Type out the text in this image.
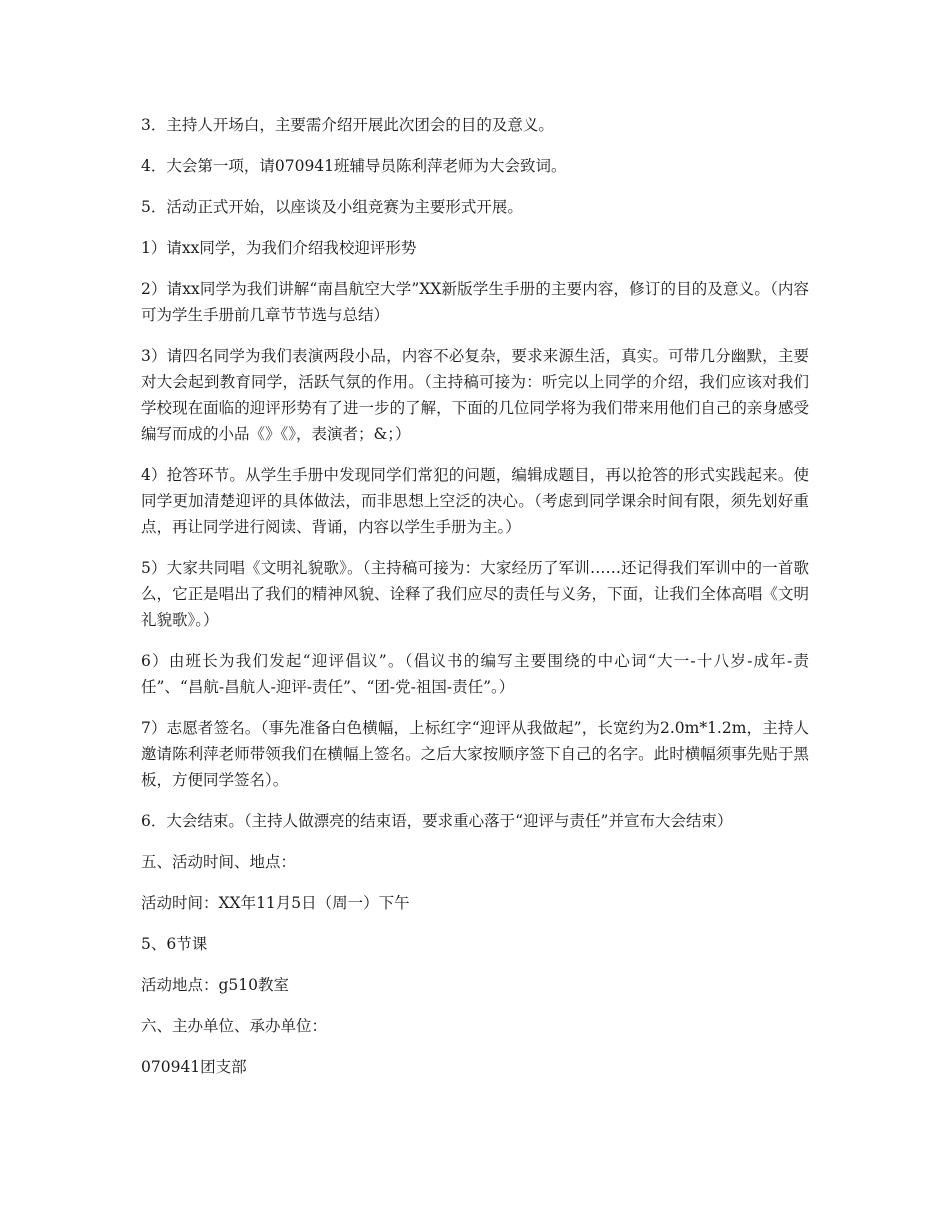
3．主持人开场白，主要需介绍开展此次团会的目的及意义。

4．大会第一项，请070941班辅导员陈利萍老师为大会致词。

5．活动正式开始，以座谈及小组竞赛为主要形式开展。

1）请xx同学，为我们介绍我校迎评形势

2）请xx同学为我们讲解“南昌航空大学”XX新版学生手册的主要内容，修订的目的及意义。（内容可为学生手册前几章节节选与总结）

3）请四名同学为我们表演两段小品，内容不必复杂，要求来源生活，真实。可带几分幽默，主要对大会起到教育同学，活跃气氛的作用。（主持稿可接为：听完以上同学的介绍，我们应该对我们学校现在面临的迎评形势有了进一步的了解，下面的几位同学将为我们带来用他们自己的亲身感受编写而成的小品《》《》，表演者；&；）

4）抢答环节。从学生手册中发现同学们常犯的问题，编辑成题目，再以抢答的形式实践起来。使同学更加清楚迎评的具体做法，而非思想上空泛的决心。（考虑到同学课余时间有限，须先划好重点，再让同学进行阅读、背诵，内容以学生手册为主。）

5）大家共同唱《文明礼貌歌》。（主持稿可接为：大家经历了军训……还记得我们军训中的一首歌么，它正是唱出了我们的精神风貌、诠释了我们应尽的责任与义务，下面，让我们全体高唱《文明礼貌歌》。）

6）由班长为我们发起“迎评倡议”。（倡议书的编写主要围绕的中心词“大一-十八岁-成年-责任”、“昌航-昌航人-迎评-责任”、“团-党-祖国-责任”。）

7）志愿者签名。（事先准备白色横幅，上标红字“迎评从我做起”，长宽约为2.0m*1.2m，主持人邀请陈利萍老师带领我们在横幅上签名。之后大家按顺序签下自己的名字。此时横幅须事先贴于黑板，方便同学签名）。

6．大会结束。（主持人做漂亮的结束语，要求重心落于“迎评与责任”并宣布大会结束）

五、活动时间、地点：

活动时间：XX年11月5日（周一）下午

5、6节课

活动地点：g510教室

六、主办单位、承办单位：

070941团支部
